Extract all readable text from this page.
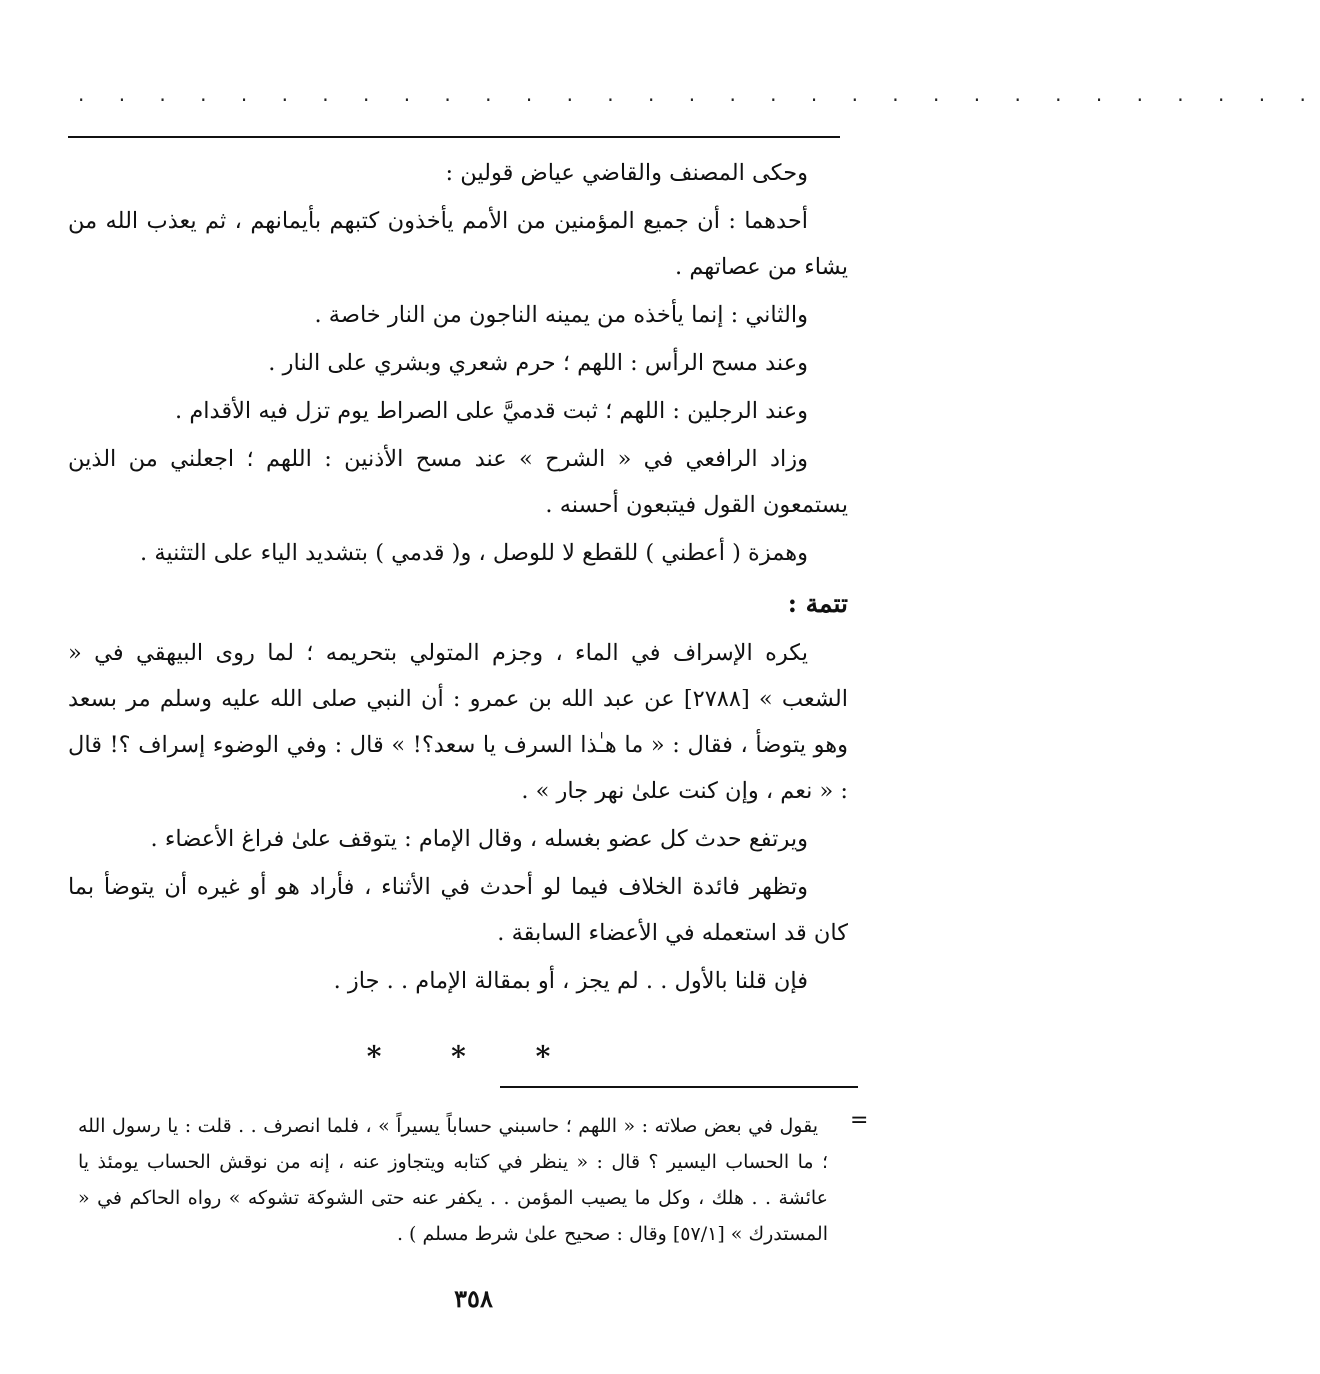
· · · · · · · · · · · · · · · · · · · · · · · · · · · · · · ·

وحكى المصنف والقاضي عياض قولين :

أحدهما : أن جميع المؤمنين من الأمم يأخذون كتبهم بأيمانهم ، ثم يعذب الله من يشاء من عصاتهم .

والثاني : إنما يأخذه من يمينه الناجون من النار خاصة .

وعند مسح الرأس : اللهم ؛ حرم شعري وبشري على النار .

وعند الرجلين : اللهم ؛ ثبت قدميَّ على الصراط يوم تزل فيه الأقدام .

وزاد الرافعي في « الشرح » عند مسح الأذنين : اللهم ؛ اجعلني من الذين يستمعون القول فيتبعون أحسنه .

وهمزة ( أعطني ) للقطع لا للوصل ، و( قدمي ) بتشديد الياء على التثنية .

تتمة :

يكره الإسراف في الماء ، وجزم المتولي بتحريمه ؛ لما روى البيهقي في « الشعب » [٢٧٨٨] عن عبد الله بن عمرو : أن النبي صلى الله عليه وسلم مر بسعد وهو يتوضأ ، فقال : « ما هـٰذا السرف يا سعد؟! » قال : وفي الوضوء إسراف ؟! قال : « نعم ، وإن كنت علىٰ نهر جار » .

ويرتفع حدث كل عضو بغسله ، وقال الإمام : يتوقف علىٰ فراغ الأعضاء .

وتظهر فائدة الخلاف فيما لو أحدث في الأثناء ، فأراد هو أو غيره أن يتوضأ بما كان قد استعمله في الأعضاء السابقة .

فإن قلنا بالأول . . لم يجز ، أو بمقالة الإمام . . جاز .

* * *
=

يقول في بعض صلاته : « اللهم ؛ حاسبني حساباً يسيراً » ، فلما انصرف . . قلت : يا رسول الله ؛ ما الحساب اليسير ؟ قال : « ينظر في كتابه ويتجاوز عنه ، إنه من نوقش الحساب يومئذ يا عائشة . . هلك ، وكل ما يصيب المؤمن . . يكفر عنه حتى الشوكة تشوكه » رواه الحاكم في « المستدرك » [٥٧/١] وقال : صحيح علىٰ شرط مسلم ) .

٣٥٨
